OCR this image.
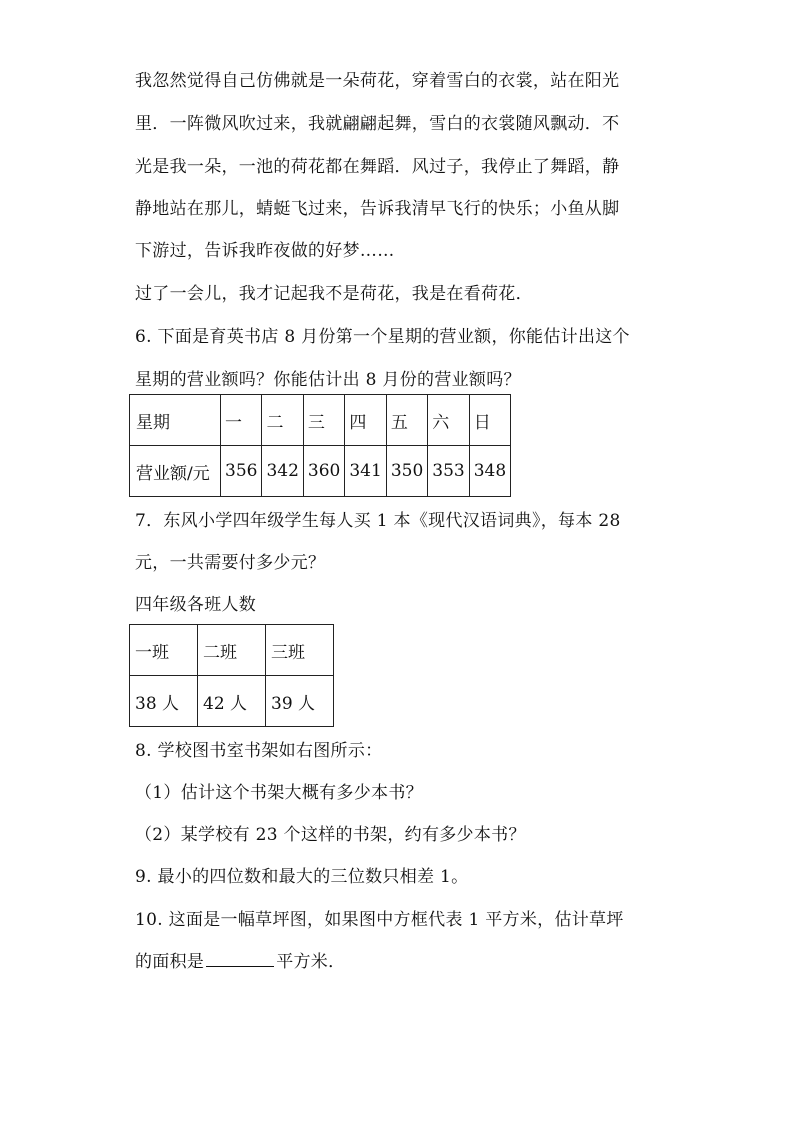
我忽然觉得自己仿佛就是一朵荷花，穿着雪白的衣裳，站在阳光
里．一阵微风吹过来，我就翩翩起舞，雪白的衣裳随风飘动．不
光是我一朵，一池的荷花都在舞蹈．风过子，我停止了舞蹈，静
静地站在那儿，蜻蜓飞过来，告诉我清早飞行的快乐；小鱼从脚
下游过，告诉我昨夜做的好梦……
过了一会儿，我才记起我不是荷花，我是在看荷花．
6. 下面是育英书店 8 月份第一个星期的营业额，你能估计出这个
星期的营业额吗？你能估计出 8 月份的营业额吗？
星期	一	二	三	四	五	六	日
营业额/元	356	342	360	341	350	353	348
7．东风小学四年级学生每人买 1 本《现代汉语词典》，每本 28
元，一共需要付多少元？
四年级各班人数
一班	二班	三班
38 人	42 人	39 人
8. 学校图书室书架如右图所示：
（1）估计这个书架大概有多少本书？
（2）某学校有 23 个这样的书架，约有多少本书？
9. 最小的四位数和最大的三位数只相差 1。
10. 这面是一幅草坪图，如果图中方框代表 1 平方米，估计草坪
的面积是	平方米．
